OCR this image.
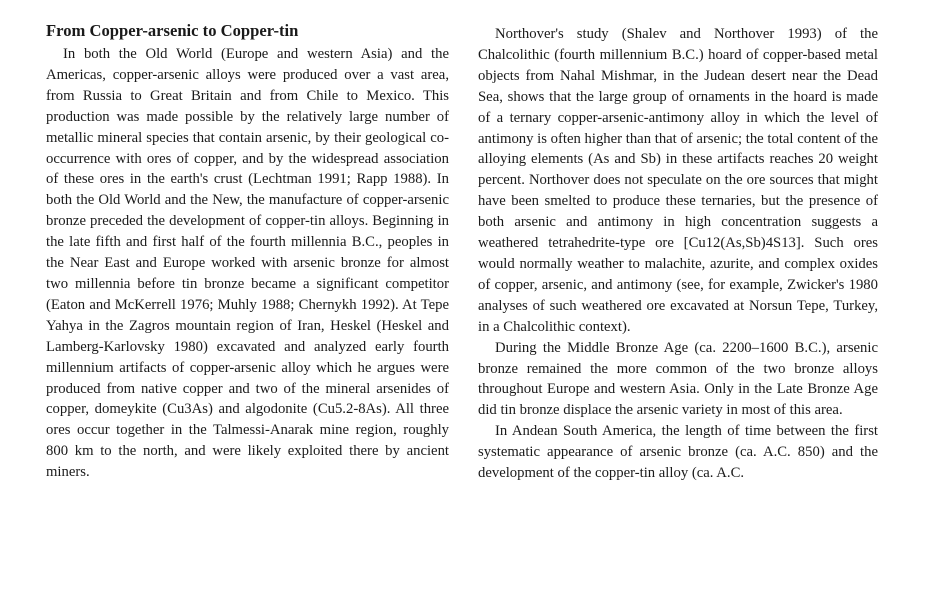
From Copper-arsenic to Copper-tin

In both the Old World (Europe and western Asia) and the Americas, copper-arsenic alloys were produced over a vast area, from Russia to Great Britain and from Chile to Mexico. This production was made possible by the relatively large number of metallic mineral species that contain arsenic, by their geological co-occurrence with ores of copper, and by the widespread association of these ores in the earth's crust (Lechtman 1991; Rapp 1988). In both the Old World and the New, the manufacture of copper-arsenic bronze preceded the development of copper-tin alloys. Beginning in the late fifth and first half of the fourth millennia B.C., peoples in the Near East and Europe worked with arsenic bronze for almost two millennia before tin bronze became a significant competitor (Eaton and McKerrell 1976; Muhly 1988; Chernykh 1992). At Tepe Yahya in the Zagros mountain region of Iran, Heskel (Heskel and Lamberg-Karlovsky 1980) excavated and analyzed early fourth millennium artifacts of copper-arsenic alloy which he argues were produced from native copper and two of the mineral arsenides of copper, domeykite (Cu3As) and algodonite (Cu5.2-8As). All three ores occur together in the Talmessi-Anarak mine region, roughly 800 km to the north, and were likely exploited there by ancient miners.

Northover's study (Shalev and Northover 1993) of the Chalcolithic (fourth millennium B.C.) hoard of copper-based metal objects from Nahal Mishmar, in the Judean desert near the Dead Sea, shows that the large group of ornaments in the hoard is made of a ternary copper-arsenic-antimony alloy in which the level of antimony is often higher than that of arsenic; the total content of the alloying elements (As and Sb) in these artifacts reaches 20 weight percent. Northover does not speculate on the ore sources that might have been smelted to produce these ternaries, but the presence of both arsenic and antimony in high concentration suggests a weathered tetrahedrite-type ore [Cu12(As,Sb)4S13]. Such ores would normally weather to malachite, azurite, and complex oxides of copper, arsenic, and antimony (see, for example, Zwicker's 1980 analyses of such weathered ore excavated at Norsun Tepe, Turkey, in a Chalcolithic context).

During the Middle Bronze Age (ca. 2200–1600 B.C.), arsenic bronze remained the more common of the two bronze alloys throughout Europe and western Asia. Only in the Late Bronze Age did tin bronze displace the arsenic variety in most of this area.

In Andean South America, the length of time between the first systematic appearance of arsenic bronze (ca. A.C. 850) and the development of the copper-tin alloy (ca. A.C.
